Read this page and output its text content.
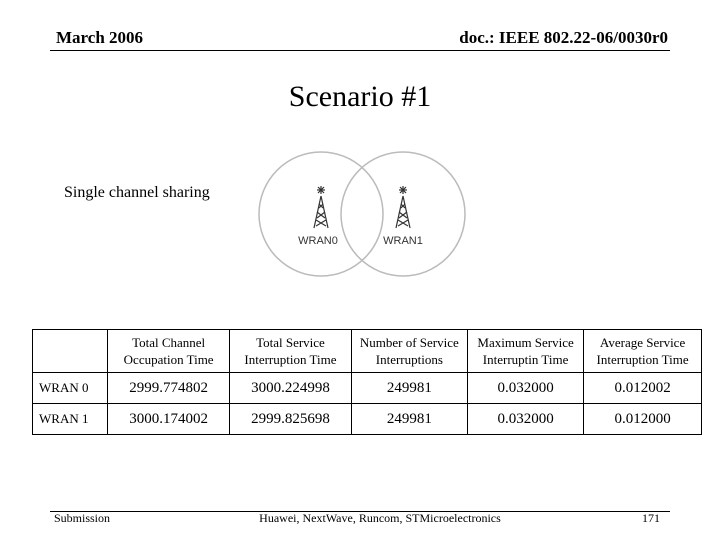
March 2006	doc.: IEEE 802.22-06/0030r0
Scenario #1
Single channel sharing
WRAN0	WRAN1
	Total Channel Occupation Time	Total Service Interruption Time	Number of Service Interruptions	Maximum Service Interruptin Time	Average Service Interruption Time
WRAN 0	2999.774802	3000.224998	249981	0.032000	0.012002
WRAN 1	3000.174002	2999.825698	249981	0.032000	0.012000
Submission	Huawei, NextWave, Runcom, STMicroelectronics	171
